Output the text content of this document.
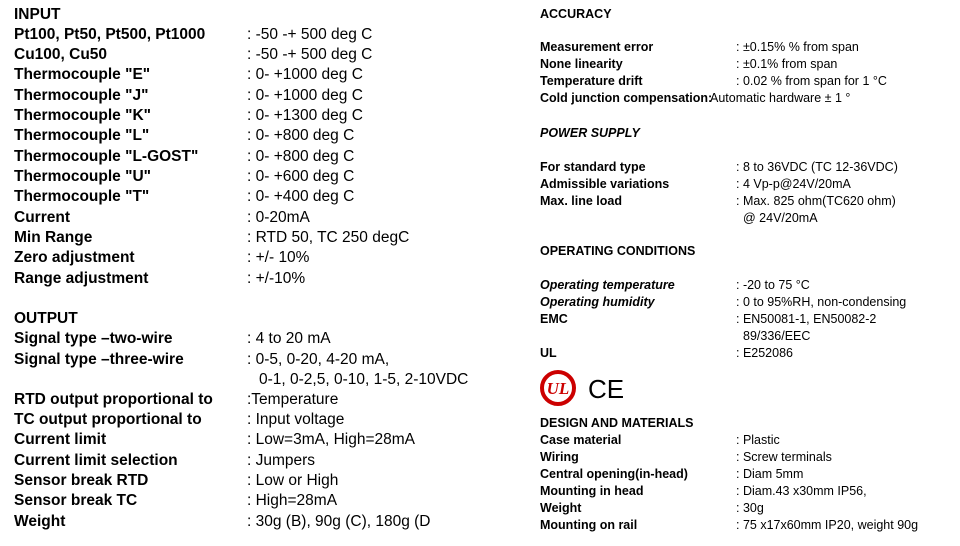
INPUT
Pt100, Pt50, Pt500, Pt1000	: -50 -+ 500 deg C
Cu100, Cu50	: -50 -+ 500 deg C
Thermocouple "E"	: 0- +1000 deg C
Thermocouple "J"	: 0- +1000 deg C
Thermocouple "K"	: 0- +1300 deg C
Thermocouple "L"	: 0- +800 deg C
Thermocouple "L-GOST"	: 0- +800 deg C
Thermocouple "U"	: 0- +600 deg C
Thermocouple "T"	: 0- +400 deg C
Current	: 0-20mA
Min Range	: RTD 50, TC 250 degC
Zero adjustment	: +/- 10%
Range adjustment	: +/-10%
OUTPUT
Signal type –two-wire	: 4 to 20 mA
Signal type –three-wire	: 0-5, 0-20, 4-20 mA,
0-1, 0-2,5, 0-10, 1-5, 2-10VDC
RTD output proportional to :Temperature
TC output proportional to	: Input voltage
Current limit	: Low=3mA, High=28mA
Current limit selection	: Jumpers
Sensor break RTD	: Low or High
Sensor break TC	: High=28mA
Weight	: 30g (B), 90g (C), 180g (D
ACCURACY
Measurement error	: ±0.15% % from span
None linearity	: ±0.1% from span
Temperature drift	: 0.02 % from span for 1 °C
Cold junction compensation:
Automatic hardware ± 1 °
POWER SUPPLY
For standard type	: 8 to 36VDC (TC 12-36VDC)
Admissible variations	: 4 Vp-p@24V/20mA
Max. line load	: Max. 825 ohm(TC620 ohm)
@ 24V/20mA
OPERATING CONDITIONS
Operating temperature	: -20 to 75 °C
Operating humidity	: 0 to 95%RH, non-condensing
EMC	: EN50081-1, EN50082-2
89/336/EEC
UL	: E252086
UL CE
DESIGN AND MATERIALS
Case material	: Plastic
Wiring	: Screw terminals
Central opening(in-head)	: Diam 5mm
Mounting in head	: Diam.43 x30mm IP56,
Weight	: 30g
Mounting on rail	: 75 x17x60mm IP20, weight 90g
